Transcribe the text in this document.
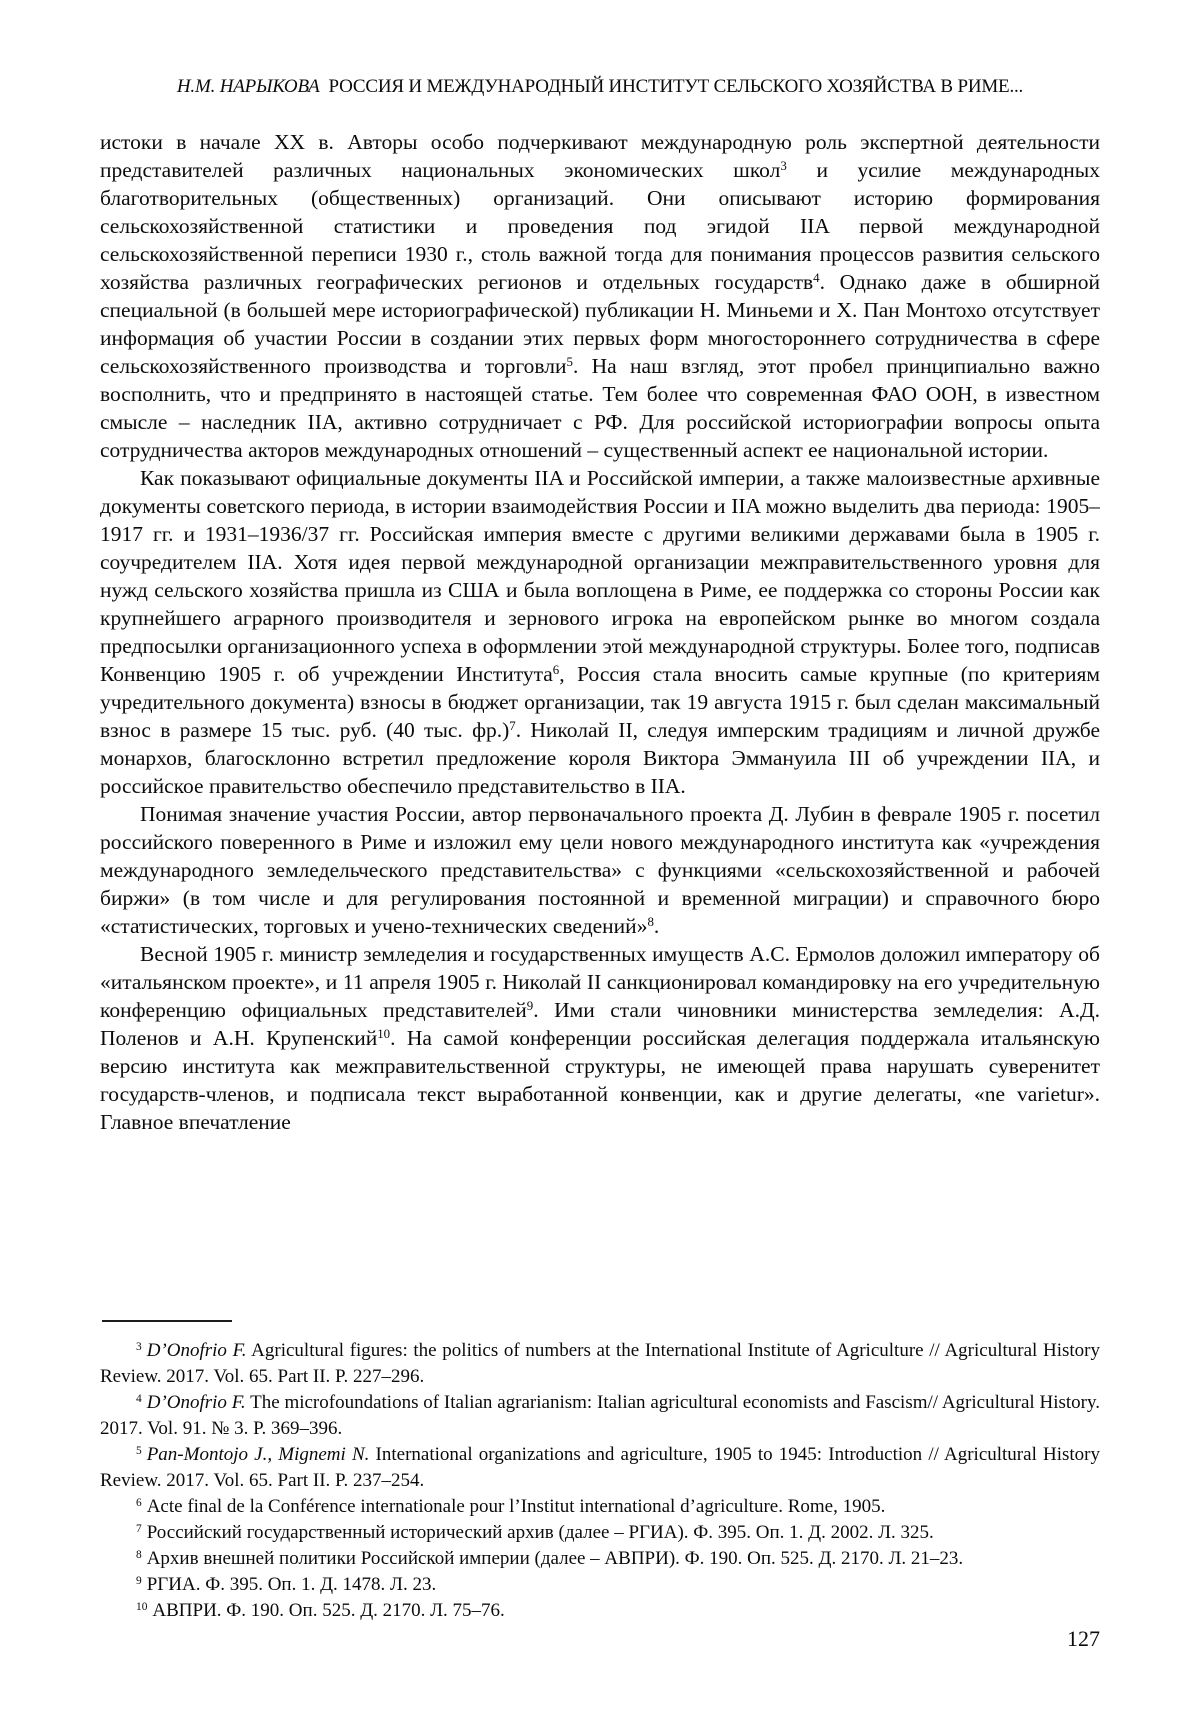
Н.М. НАРЫКОВА РОССИЯ И МЕЖДУНАРОДНЫЙ ИНСТИТУТ СЕЛЬСКОГО ХОЗЯЙСТВА В РИМЕ...

истоки в начале XX в. Авторы особо подчеркивают международную роль экспертной деятельности представителей различных национальных экономических школ$^3$ и усилие международных благотворительных (общественных) организаций. Они описывают историю формирования сельскохозяйственной статистики и проведения под эгидой IIA первой международной сельскохозяйственной переписи 1930 г., столь важной тогда для понимания процессов развития сельского хозяйства различных географических регионов и отдельных государств$^4$. Однако даже в обширной специальной (в большей мере историографической) публикации Н. Миньеми и Х. Пан Монтохо отсутствует информация об участии России в создании этих первых форм многостороннего сотрудничества в сфере сельскохозяйственного производства и торговли$^5$. На наш взгляд, этот пробел принципиально важно восполнить, что и предпринято в настоящей статье. Тем более что современная ФАО ООН, в известном смысле – наследник IIA, активно сотрудничает с РФ. Для российской историографии вопросы опыта сотрудничества акторов международных отношений – существенный аспект ее национальной истории.

Как показывают официальные документы IIA и Российской империи, а также малоизвестные архивные документы советского периода, в истории взаимодействия России и IIA можно выделить два периода: 1905–1917 гг. и 1931–1936/37 гг. Российская империя вместе с другими великими державами была в 1905 г. соучредителем IIA. Хотя идея первой международной организации межправительственного уровня для нужд сельского хозяйства пришла из США и была воплощена в Риме, ее поддержка со стороны России как крупнейшего аграрного производителя и зернового игрока на европейском рынке во многом создала предпосылки организационного успеха в оформлении этой международной структуры. Более того, подписав Конвенцию 1905 г. об учреждении Института$^6$, Россия стала вносить самые крупные (по критериям учредительного документа) взносы в бюджет организации, так 19 августа 1915 г. был сделан максимальный взнос в размере 15 тыс. руб. (40 тыс. фр.)$^7$. Николай II, следуя имперским традициям и личной дружбе монархов, благосклонно встретил предложение короля Виктора Эммануила III об учреждении IIA, и российское правительство обеспечило представительство в IIA.

Понимая значение участия России, автор первоначального проекта Д. Лубин в феврале 1905 г. посетил российского поверенного в Риме и изложил ему цели нового международного института как «учреждения международного земледельческого представительства» с функциями «сельскохозяйственной и рабочей биржи» (в том числе и для регулирования постоянной и временной миграции) и справочного бюро «статистических, торговых и учено-технических сведений»$^8$.

Весной 1905 г. министр земледелия и государственных имуществ А.С. Ермолов доложил императору об «итальянском проекте», и 11 апреля 1905 г. Николай II санкционировал командировку на его учредительную конференцию официальных представителей$^9$. Ими стали чиновники министерства земледелия: А.Д. Поленов и А.Н. Крупенский$^{10}$. На самой конференции российская делегация поддержала итальянскую версию института как межправительственной структуры, не имеющей права нарушать суверенитет государств-членов, и подписала текст выработанной конвенции, как и другие делегаты, «ne varietur». Главное впечатление

$^3$ D’Onofrio F. Agricultural figures: the politics of numbers at the International Institute of Agriculture // Agricultural History Review. 2017. Vol. 65. Part II. P. 227–296.

$^4$ D’Onofrio F. The microfoundations of Italian agrarianism: Italian agricultural economists and Fascism// Agricultural History. 2017. Vol. 91. № 3. P. 369–396.

$^5$ Pan-Montojo J., Mignemi N. International organizations and agriculture, 1905 to 1945: Introduction // Agricultural History Review. 2017. Vol. 65. Part II. P. 237–254.

$^6$ Acte final de la Conférence internationale pour l’Institut international d’agriculture. Rome, 1905.

$^7$ Российский государственный исторический архив (далее – РГИА). Ф. 395. Оп. 1. Д. 2002. Л. 325.

$^8$ Архив внешней политики Российской империи (далее – АВПРИ). Ф. 190. Оп. 525. Д. 2170. Л. 21–23.

$^9$ РГИА. Ф. 395. Оп. 1. Д. 1478. Л. 23.

$^{10}$ АВПРИ. Ф. 190. Оп. 525. Д. 2170. Л. 75–76.

127
